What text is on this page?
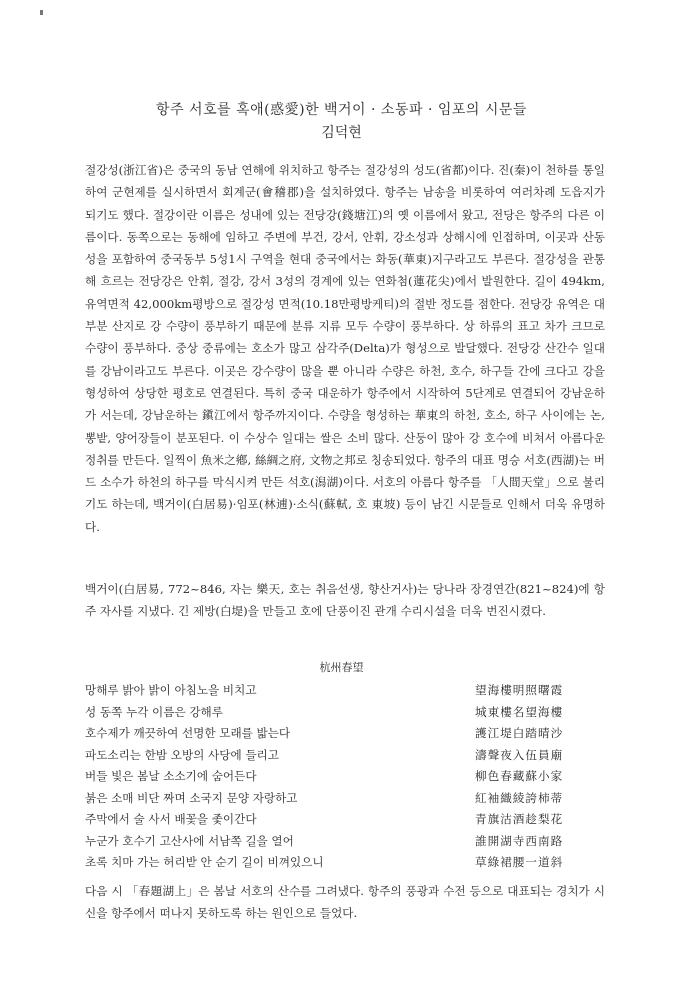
항주 서호를 혹애(惑愛)한 백거이 · 소동파 · 임포의 시문들
김덕현

절강성(浙江省)은 중국의 동남 연해에 위치하고 항주는 절강성의 성도(省都)이다. 진(秦)이 천하를 통일하여 군현제를 실시하면서 회계군(會稽郡)을 설치하였다. 항주는 남송을 비롯하여 여러차례 도읍지가 되기도 했다. 절강이란 이름은 성내에 있는 전당강(錢塘江)의 옛 이름에서 왔고, 전당은 항주의 다른 이름이다. 동쪽으로는 동해에 임하고 주변에 부건, 강서, 안휘, 강소성과 상해시에 인접하며, 이곳과 산동성을 포함하여 중국동부 5성1시 구역을 현대 중국에서는 화동(華東)지구라고도 부른다. 절강성을 관통해 흐르는 전당강은 안휘, 절강, 강서 3성의 경계에 있는 연화첨(蓮花尖)에서 발원한다. 길이 494km, 유역면적 42,000km평방으로 절강성 면적(10.18만평방케티)의 절반 정도를 점한다. 전당강 유역은 대부분 산지로 강 수량이 풍부하기 때문에 분류 지류 모두 수량이 풍부하다. 상 하류의 표고 차가 크므로 수량이 풍부하다. 중상 중류에는 호소가 많고 삼각주(Delta)가 형성으로 발달했다. 전당강 산간수 일대를 강남이라고도 부른다. 이곳은 강수량이 많을 뿐 아니라 수량은 하천, 호수, 하구들 간에 크다고 강을 형성하여 상당한 평호로 연결된다. 특히 중국 대운하가 항주에서 시작하여 5단계로 연결되어 강남운하가 서는데, 강남운하는 鎭江에서 항주까지이다. 수량을 형성하는 華東의 하천, 호소, 하구 사이에는 논, 뽕밭, 양어장들이 분포된다. 이 수상수 일대는 쌀은 소비 많다. 산둥이 많아 강 호수에 비쳐서 아름다운 정취를 만든다. 일찍이 魚米之鄕, 絲綢之府, 文物之邦로 칭송되었다. 항주의 대표 명승 서호(西湖)는 버드 소수가 하천의 하구를 막식시켜 만든 석호(潟湖)이다. 서호의 아름다 항주를 「人間天堂」으로 불리기도 하는데, 백거이(白居易)·임포(林逋)·소식(蘇軾, 호 東坡) 등이 남긴 시문들로 인해서 더욱 유명하다.

백거이(白居易, 772~846, 자는 樂天, 호는 취음선생, 향산거사)는 당나라 장경연간(821~824)에 항주 자사를 지냈다. 긴 제방(白堤)을 만들고 호에 단풍이진 관개 수리시설을 더욱 번진시켰다.

杭州春望
망해루 밝아 밝이 아침노을 비치고	望海樓明照曙霞
성 동쪽 누각 이름은 강해루	城東樓名望海樓
호수제가 깨끗하여 선명한 모래를 밟는다	護江堤白踏晴沙
파도소리는 한밤 오방의 사당에 들리고	濤聲夜入伍員廟
버들 빛은 봄날 소소기에 숨어든다	柳色春藏蘇小家
붉은 소매 비단 짜며 소국지 문양 자랑하고	紅袖織綾誇柿蒂
주막에서 술 사서 배꽃을 좇이간다	青旗沽酒趁梨花
누군가 호수기 고산사에 서남쪽 길을 열어	誰開湖寺西南路
초록 치마 가는 허리받 안 순기 길이 비껴있으니	草綠裙腰一道斜

다음 시 「春題湖上」은 봄날 서호의 산수를 그려냈다. 항주의 풍광과 수전 등으로 대표되는 경치가 시신을 항주에서 떠나지 못하도록 하는 원인으로 들었다.
